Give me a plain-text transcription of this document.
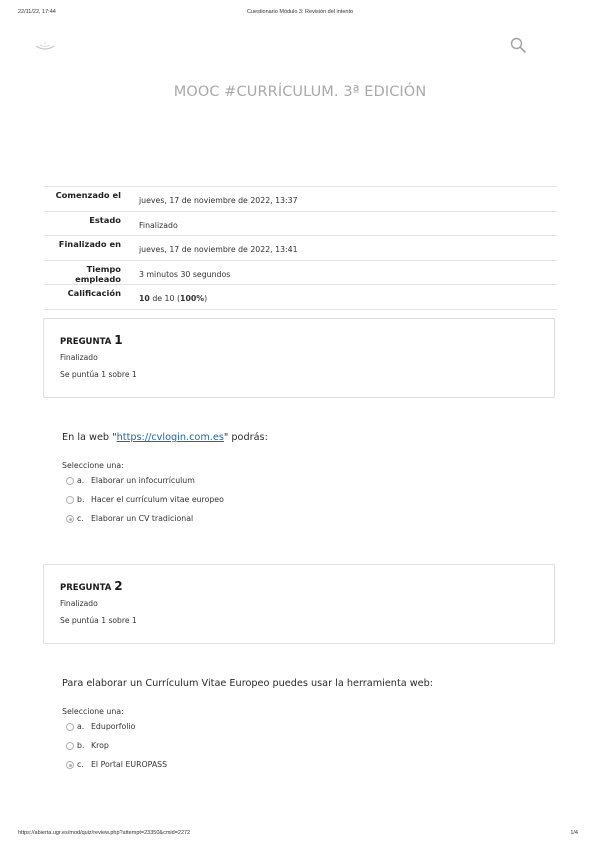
22/11/22, 17:44	Cuestionario Módulo 3: Revisión del intento
MOOC #CURRÍCULUM. 3ª EDICIÓN
Comenzado el	jueves, 17 de noviembre de 2022, 13:37
Estado	Finalizado
Finalizado en	jueves, 17 de noviembre de 2022, 13:41
Tiempo empleado	3 minutos 30 segundos
Calificación	10 de 10 (100%)
PREGUNTA 1
Finalizado
Se puntúa 1 sobre 1
En la web "https://cvlogin.com.es" podrás:
Seleccione una:
a. Elaborar un infocurrículum
b. Hacer el currículum vitae europeo
c. Elaborar un CV tradicional
PREGUNTA 2
Finalizado
Se puntúa 1 sobre 1
Para elaborar un Currículum Vitae Europeo puedes usar la herramienta web:
Seleccione una:
a. Eduporfolio
b. Krop
c. El Portal EUROPASS
https://abierta.ugr.es/mod/quiz/review.php?attempt=23350&cmid=2272	1/4
